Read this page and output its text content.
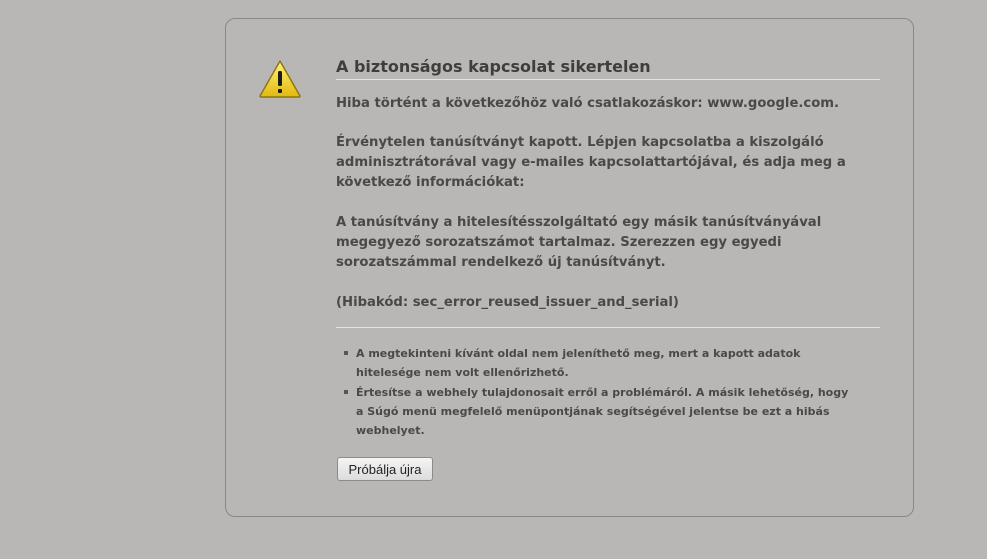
A biztonságos kapcsolat sikertelen

Hiba történt a következőhöz való csatlakozáskor: www.google.com.

Érvénytelen tanúsítványt kapott. Lépjen kapcsolatba a kiszolgáló adminisztrátorával vagy e-mailes kapcsolattartójával, és adja meg a következő információkat:

A tanúsítvány a hitelesítésszolgáltató egy másik tanúsítványával megegyező sorozatszámot tartalmaz. Szerezzen egy egyedi sorozatszámmal rendelkező új tanúsítványt.

(Hibakód: sec_error_reused_issuer_and_serial)

A megtekinteni kívánt oldal nem jeleníthető meg, mert a kapott adatok hitelesége nem volt ellenőrizhető.
Értesítse a webhely tulajdonosait erről a problémáról. A másik lehetőség, hogy a Súgó menü megfelelő menüpontjának segítségével jelentse be ezt a hibás webhelyet.
Próbálja újra
